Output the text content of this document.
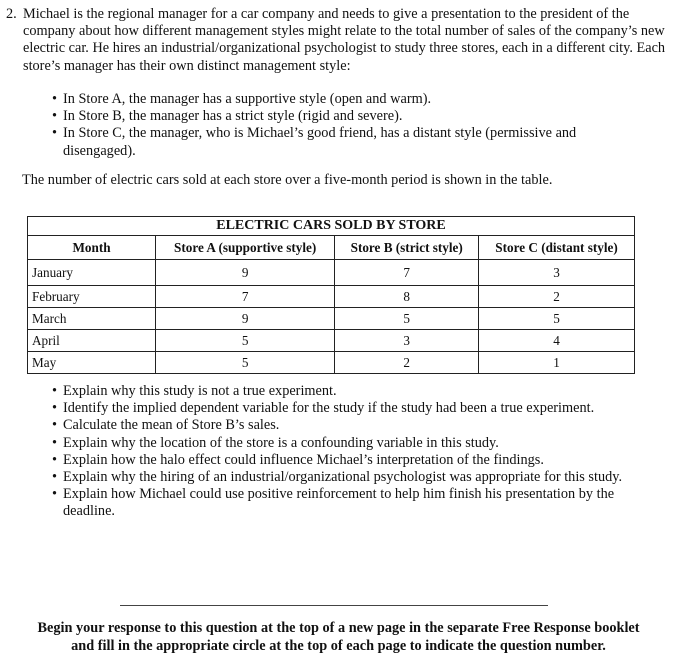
2. Michael is the regional manager for a car company and needs to give a presentation to the president of the company about how different management styles might relate to the total number of sales of the company’s new electric car. He hires an industrial/organizational psychologist to study three stores, each in a different city. Each store’s manager has their own distinct management style:
• In Store A, the manager has a supportive style (open and warm).
• In Store B, the manager has a strict style (rigid and severe).
• In Store C, the manager, who is Michael’s good friend, has a distant style (permissive and disengaged).
The number of electric cars sold at each store over a five-month period is shown in the table.
ELECTRIC CARS SOLD BY STORE			
Month	Store A (supportive style)	Store B (strict style)	Store C (distant style)
January	9	7	3
February	7	8	2
March	9	5	5
April	5	3	4
May	5	2	1
• Explain why this study is not a true experiment.
• Identify the implied dependent variable for the study if the study had been a true experiment.
• Calculate the mean of Store B’s sales.
• Explain why the location of the store is a confounding variable in this study.
• Explain how the halo effect could influence Michael’s interpretation of the findings.
• Explain why the hiring of an industrial/organizational psychologist was appropriate for this study.
• Explain how Michael could use positive reinforcement to help him finish his presentation by the deadline.
Begin your response to this question at the top of a new page in the separate Free Response booklet
and fill in the appropriate circle at the top of each page to indicate the question number.
